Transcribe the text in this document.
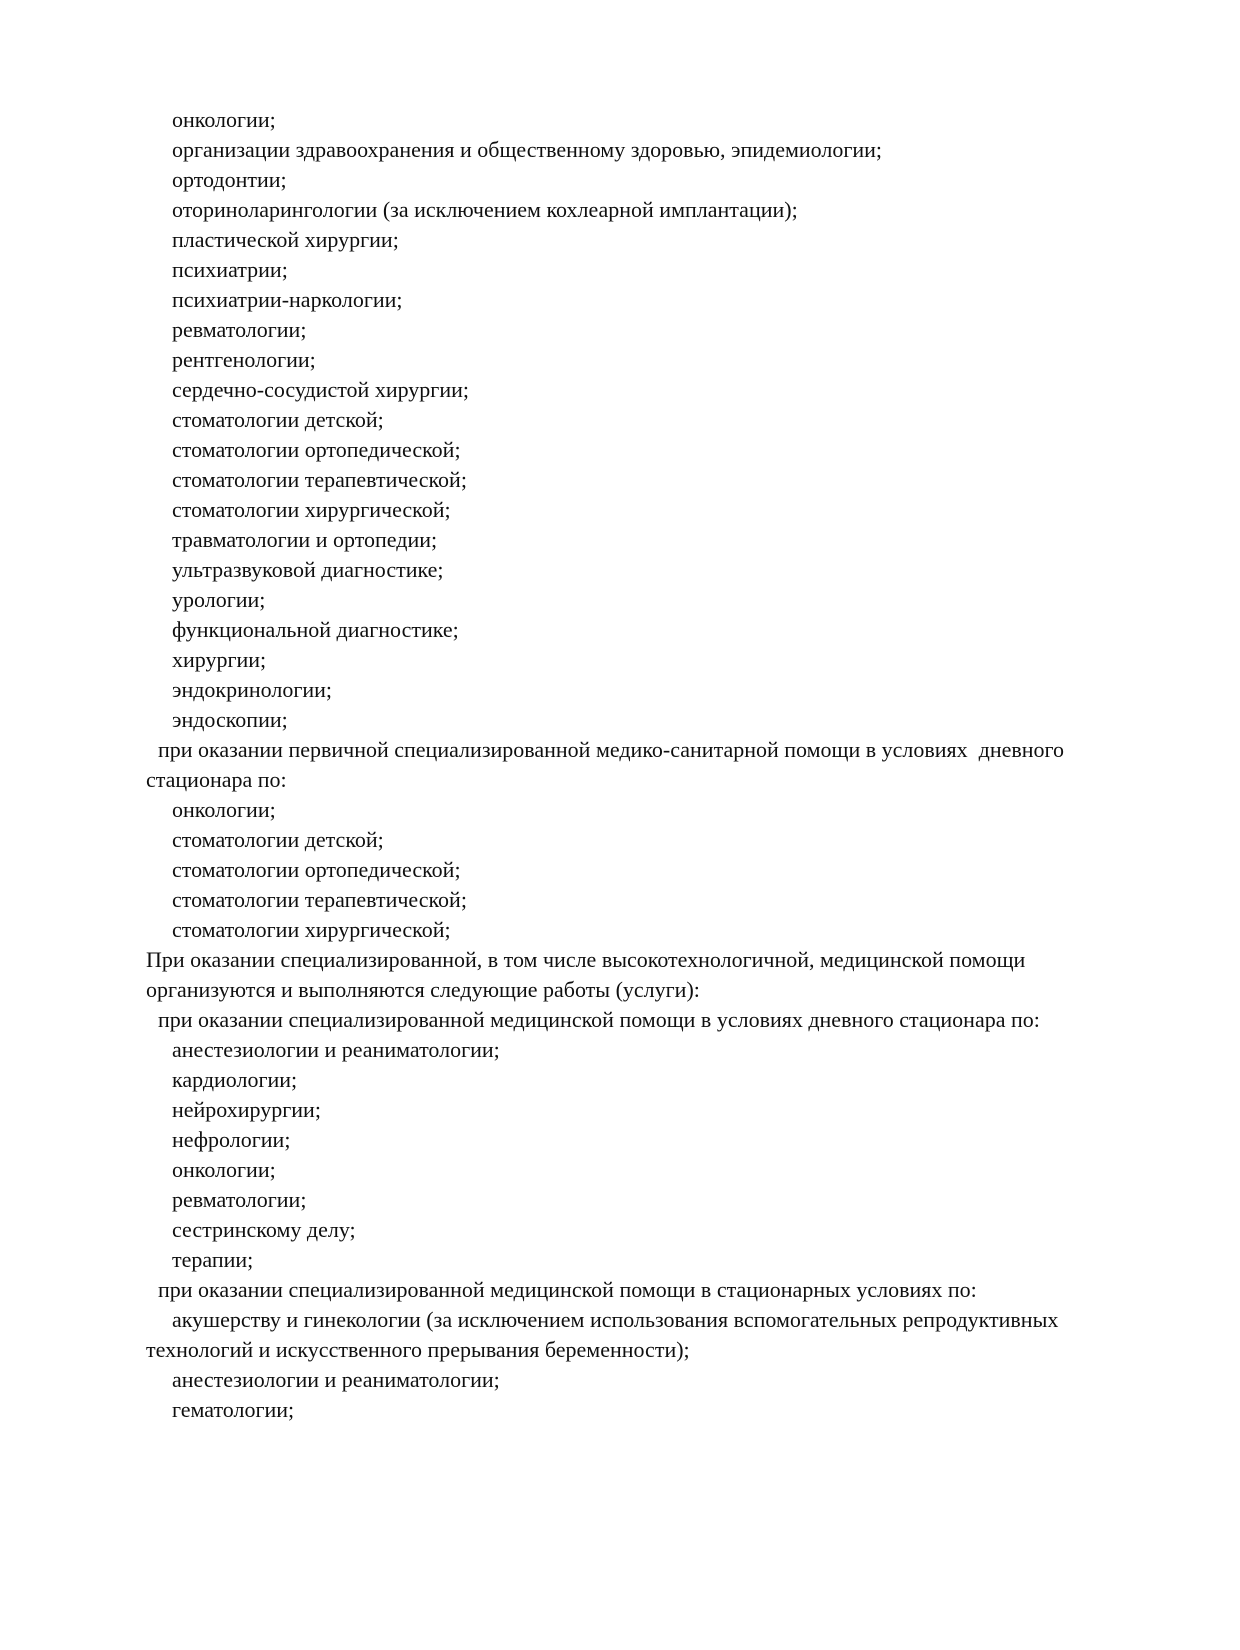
онкологии;
организации здравоохранения и общественному здоровью, эпидемиологии;
ортодонтии;
оториноларингологии (за исключением кохлеарной имплантации);
пластической хирургии;
психиатрии;
психиатрии-наркологии;
ревматологии;
рентгенологии;
сердечно-сосудистой хирургии;
стоматологии детской;
стоматологии ортопедической;
стоматологии терапевтической;
стоматологии хирургической;
травматологии и ортопедии;
ультразвуковой диагностике;
урологии;
функциональной диагностике;
хирургии;
эндокринологии;
эндоскопии;
при оказании первичной специализированной медико-санитарной помощи в условиях  дневного
стационара по:
онкологии;
стоматологии детской;
стоматологии ортопедической;
стоматологии терапевтической;
стоматологии хирургической;
При оказании специализированной, в том числе высокотехнологичной, медицинской помощи
организуются и выполняются следующие работы (услуги):
при оказании специализированной медицинской помощи в условиях дневного стационара по:
анестезиологии и реаниматологии;
кардиологии;
нейрохирургии;
нефрологии;
онкологии;
ревматологии;
сестринскому делу;
терапии;
при оказании специализированной медицинской помощи в стационарных условиях по:
акушерству и гинекологии (за исключением использования вспомогательных репродуктивных
технологий и искусственного прерывания беременности);
анестезиологии и реаниматологии;
гематологии;
